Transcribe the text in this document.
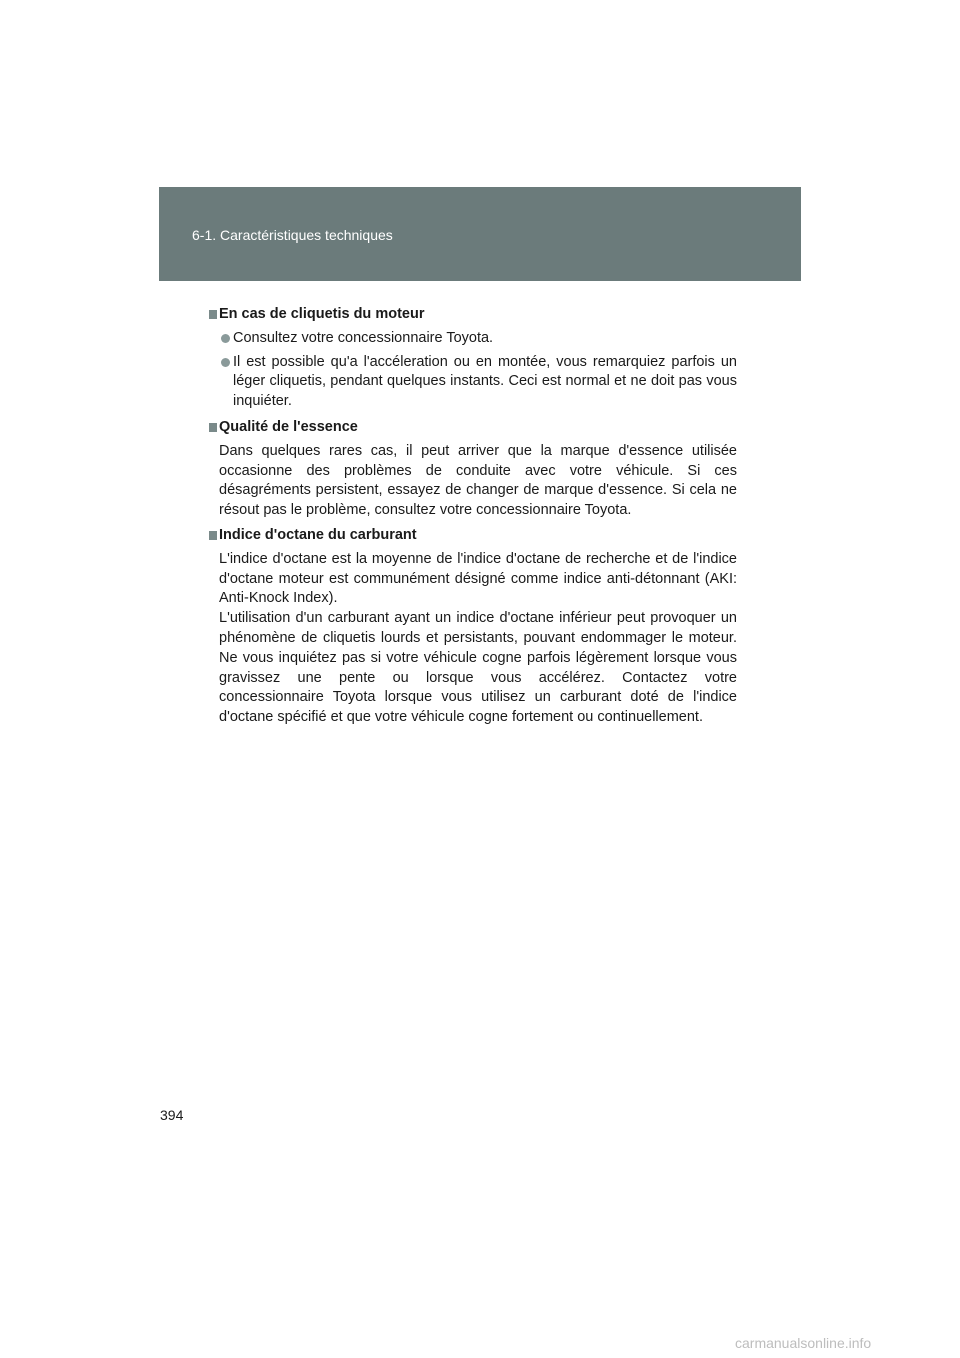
6-1. Caractéristiques techniques
En cas de cliquetis du moteur
Consultez votre concessionnaire Toyota.
Il est possible qu'a l'accéleration ou en montée, vous remarquiez parfois un léger cliquetis, pendant quelques instants. Ceci est normal et ne doit pas vous inquiéter.
Qualité de l'essence

Dans quelques rares cas, il peut arriver que la marque d'essence utilisée occasionne des problèmes de conduite avec votre véhicule. Si ces désagréments persistent, essayez de changer de marque d'essence. Si cela ne résout pas le problème, consultez votre concessionnaire Toyota.

Indice d'octane du carburant

L'indice d'octane est la moyenne de l'indice d'octane de recherche et de l'indice d'octane moteur est communément désigné comme indice anti-détonnant (AKI: Anti-Knock Index).

L'utilisation d'un carburant ayant un indice d'octane inférieur peut provoquer un phénomène de cliquetis lourds et persistants, pouvant endommager le moteur. Ne vous inquiétez pas si votre véhicule cogne parfois légèrement lorsque vous gravissez une pente ou lorsque vous accélérez. Contactez votre concessionnaire Toyota lorsque vous utilisez un carburant doté de l'indice d'octane spécifié et que votre véhicule cogne fortement ou continuellement.

394
carmanualsonline.info
